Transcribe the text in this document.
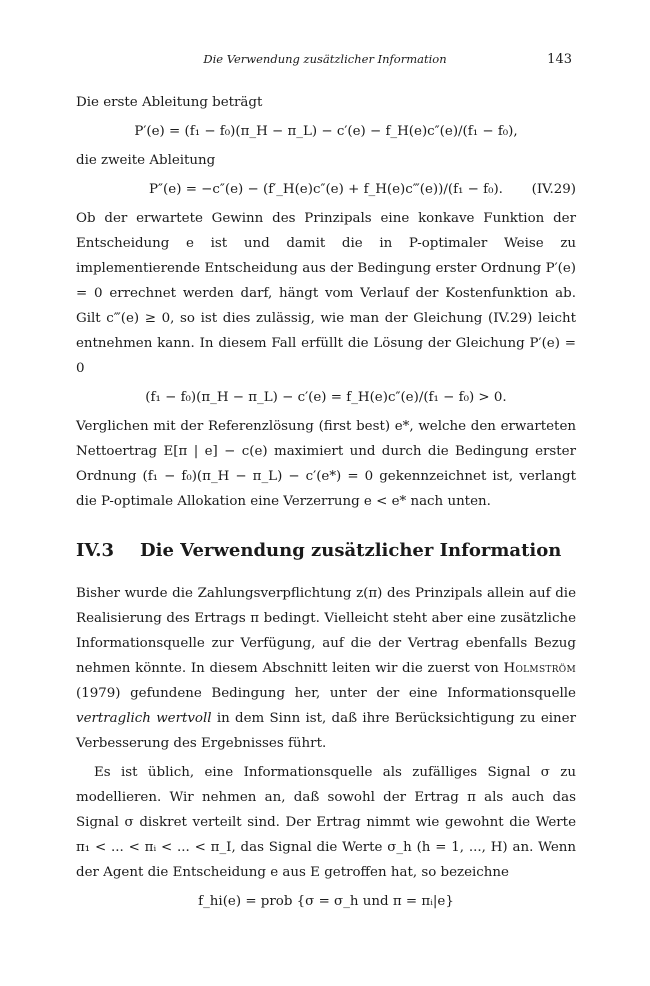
Die Verwendung zusätzlicher Information	143

Die erste Ableitung beträgt

P′(e) = (f₁ − f₀)(π_H − π_L) − c′(e) − f_H(e)c″(e)/(f₁ − f₀),

die zweite Ableitung

P″(e) = −c″(e) − (f′_H(e)c″(e) + f_H(e)c‴(e))/(f₁ − f₀). (IV.29)

Ob der erwartete Gewinn des Prinzipals eine konkave Funktion der Entscheidung e ist und damit die in P-optimaler Weise zu implementierende Entscheidung aus der Bedingung erster Ordnung P′(e) = 0 errechnet werden darf, hängt vom Verlauf der Kostenfunktion ab. Gilt c‴(e) ≥ 0, so ist dies zulässig, wie man der Gleichung (IV.29) leicht entnehmen kann. In diesem Fall erfüllt die Lösung der Gleichung P′(e) = 0

(f₁ − f₀)(π_H − π_L) − c′(e) = f_H(e)c″(e)/(f₁ − f₀) > 0.

Verglichen mit der Referenzlösung (first best) e*, welche den erwarteten Nettoertrag E[π | e] − c(e) maximiert und durch die Bedingung erster Ordnung (f₁ − f₀)(π_H − π_L) − c′(e*) = 0 gekennzeichnet ist, verlangt die P-optimale Allokation eine Verzerrung e < e* nach unten.

IV.3 Die Verwendung zusätzlicher Information

Bisher wurde die Zahlungsverpflichtung z(π) des Prinzipals allein auf die Realisierung des Ertrags π bedingt. Vielleicht steht aber eine zusätzliche Informationsquelle zur Verfügung, auf die der Vertrag ebenfalls Bezug nehmen könnte. In diesem Abschnitt leiten wir die zuerst von Holmström (1979) gefundene Bedingung her, unter der eine Informationsquelle vertraglich wertvoll in dem Sinn ist, daß ihre Berücksichtigung zu einer Verbesserung des Ergebnisses führt.

Es ist üblich, eine Informationsquelle als zufälliges Signal σ zu modellieren. Wir nehmen an, daß sowohl der Ertrag π als auch das Signal σ diskret verteilt sind. Der Ertrag nimmt wie gewohnt die Werte π₁ < ... < πᵢ < ... < π_I, das Signal die Werte σ_h (h = 1, ..., H) an. Wenn der Agent die Entscheidung e aus E getroffen hat, so bezeichne

f_hi(e) = prob {σ = σ_h und π = πᵢ|e}
